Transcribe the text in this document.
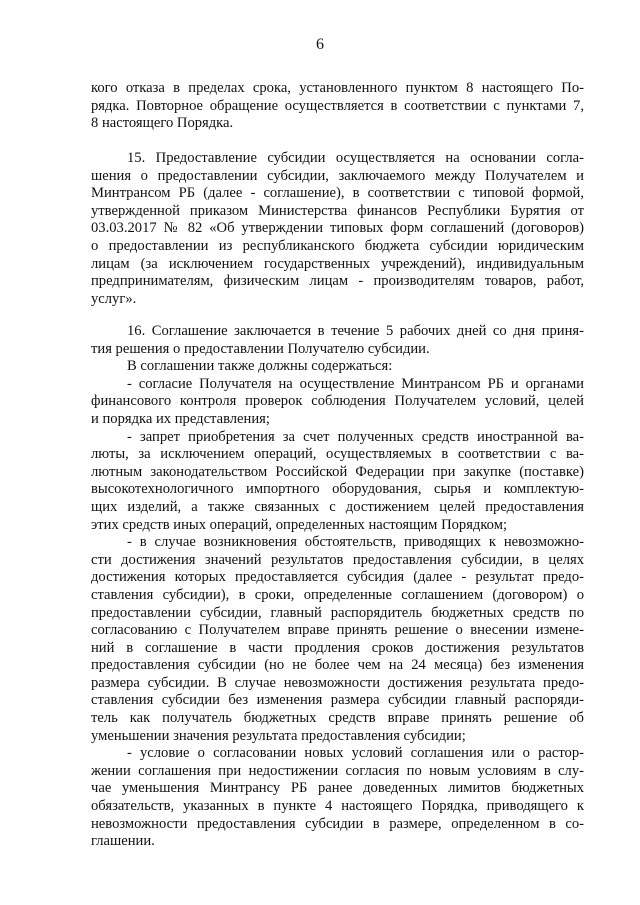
6
кого отказа в пределах срока, установленного пунктом 8 настоящего По-
рядка. Повторное обращение осуществляется в соответствии с пунктами 7,
8 настоящего Порядка.
15. Предоставление субсидии осуществляется на основании согла-
шения о предоставлении субсидии, заключаемого между Получателем и
Минтрансом РБ (далее - соглашение), в соответствии с типовой формой,
утвержденной приказом Министерства финансов Республики Бурятия от
03.03.2017 № 82 «Об утверждении типовых форм соглашений (договоров)
о предоставлении из республиканского бюджета субсидии юридическим
лицам (за исключением государственных учреждений), индивидуальным
предпринимателям, физическим лицам - производителям товаров, работ,
услуг».
16. Соглашение заключается в течение 5 рабочих дней со дня приня-
тия решения о предоставлении Получателю субсидии.
В соглашении также должны содержаться:
- согласие Получателя на осуществление Минтрансом РБ и органами
финансового контроля проверок соблюдения Получателем условий, целей
и порядка их представления;
- запрет приобретения за счет полученных средств иностранной ва-
люты, за исключением операций, осуществляемых в соответствии с ва-
лютным законодательством Российской Федерации при закупке (поставке)
высокотехнологичного импортного оборудования, сырья и комплектую-
щих изделий, а также связанных с достижением целей предоставления
этих средств иных операций, определенных настоящим Порядком;
- в случае возникновения обстоятельств, приводящих к невозможно-
сти достижения значений результатов предоставления субсидии, в целях
достижения которых предоставляется субсидия (далее - результат предо-
ставления субсидии), в сроки, определенные соглашением (договором) о
предоставлении субсидии, главный распорядитель бюджетных средств по
согласованию с Получателем вправе принять решение о внесении измене-
ний в соглашение в части продления сроков достижения результатов
предоставления субсидии (но не более чем на 24 месяца) без изменения
размера субсидии. В случае невозможности достижения результата предо-
ставления субсидии без изменения размера субсидии главный распоряди-
тель как получатель бюджетных средств вправе принять решение об
уменьшении значения результата предоставления субсидии;
- условие о согласовании новых условий соглашения или о растор-
жении соглашения при недостижении согласия по новым условиям в слу-
чае уменьшения Минтрансу РБ ранее доведенных лимитов бюджетных
обязательств, указанных в пункте 4 настоящего Порядка, приводящего к
невозможности предоставления субсидии в размере, определенном в со-
глашении.
